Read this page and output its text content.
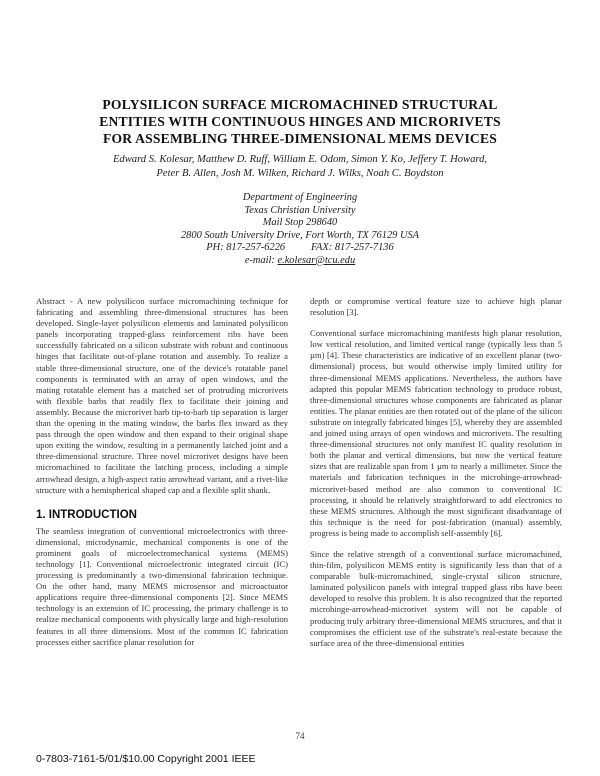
POLYSILICON SURFACE MICROMACHINED STRUCTURAL
ENTITIES WITH CONTINUOUS HINGES AND MICRORIVETS
FOR ASSEMBLING THREE-DIMENSIONAL MEMS DEVICES
Edward S. Kolesar, Matthew D. Ruff, William E. Odom, Simon Y. Ko, Jeffery T. Howard,
Peter B. Allen, Josh M. Wilken, Richard J. Wilks, Noah C. Boydston
Department of Engineering
Texas Christian University
Mail Stop 298640
2800 South University Drive, Fort Worth, TX 76129 USA
PH: 817-257-6226          FAX: 817-257-7136
e-mail: e.kolesar@tcu.edu

Abstract - A new polysilicon surface micromachining technique for fabricating and assembling three-dimensional structures has been developed. Single-layer polysilicon elements and laminated polysilicon panels incorporating trapped-glass reinforcement ribs have been successfully fabricated on a silicon substrate with robust and continuous hinges that facilitate out-of-plane rotation and assembly. To realize a stable three-dimensional structure, one of the device's rotatable panel components is terminated with an array of open windows, and the mating rotatable element has a matched set of protruding microrivets with flexible barbs that readily flex to facilitate their joining and assembly. Because the microrivet barb tip-to-barb tip separation is larger than the opening in the mating window, the barbs flex inward as they pass through the open window and then expand to their original shape upon exiting the window, resulting in a permanently latched joint and a three-dimensional structure. Three novel microrivet designs have been micromachined to facilitate the latching process, including a simple arrowhead design, a high-aspect ratio arrowhead variant, and a rivet-like structure with a hemispherical shaped cap and a flexible split shank.

1. INTRODUCTION

The seamless integration of conventional microelectronics with three-dimensional, microdynamic, mechanical components is one of the prominent goals of microelectromechanical systems (MEMS) technology [1]. Conventional microelectronic integrated circuit (IC) processing is predominantly a two-dimensional fabrication technique. On the other hand, many MEMS microsensor and microactuator applications require three-dimensional components [2]. Since MEMS technology is an extension of IC processing, the primary challenge is to realize mechanical components with physically large and high-resolution features in all three dimensions. Most of the common IC fabrication processes either sacrifice planar resolution for

depth or compromise vertical feature size to achieve high planar resolution [3].

Conventional surface micromachining manifests high planar resolution, low vertical resolution, and limited vertical range (typically less than 5 µm) [4]. These characteristics are indicative of an excellent planar (two-dimensional) process, but would otherwise imply limited utility for three-dimensional MEMS applications. Nevertheless, the authors have adapted this popular MEMS fabrication technology to produce robust, three-dimensional structures whose components are fabricated as planar entities. The planar entities are then rotated out of the plane of the silicon substrate on integrally fabricated hinges [5], whereby they are assembled and joined using arrays of open windows and microrivets. The resulting three-dimensional structures not only manifest IC quality resolution in both the planar and vertical dimensions, but now the vertical feature sizes that are realizable span from 1 µm to nearly a millimeter. Since the materials and fabrication techniques in the microhinge-arrowhead-microrivet-based method are also common to conventional IC processing, it should be relatively straightforward to add electronics to these MEMS structures. Although the most significant disadvantage of this technique is the need for post-fabrication (manual) assembly, progress is being made to accomplish self-assembly [6].

Since the relative strength of a conventional surface micromachined, thin-film, polysilicon MEMS entity is significantly less than that of a comparable bulk-micromachined, single-crystal silicon structure, laminated polysilicon panels with integral trapped glass ribs have been developed to resolve this problem. It is also recognized that the reported microhinge-arrowhead-microrivet system will not be capable of producing truly arbitrary three-dimensional MEMS structures, and that it compromises the efficient use of the substrate's real-estate because the surface area of the three-dimensional entities

74
0-7803-7161-5/01/$10.00 Copyright 2001 IEEE
